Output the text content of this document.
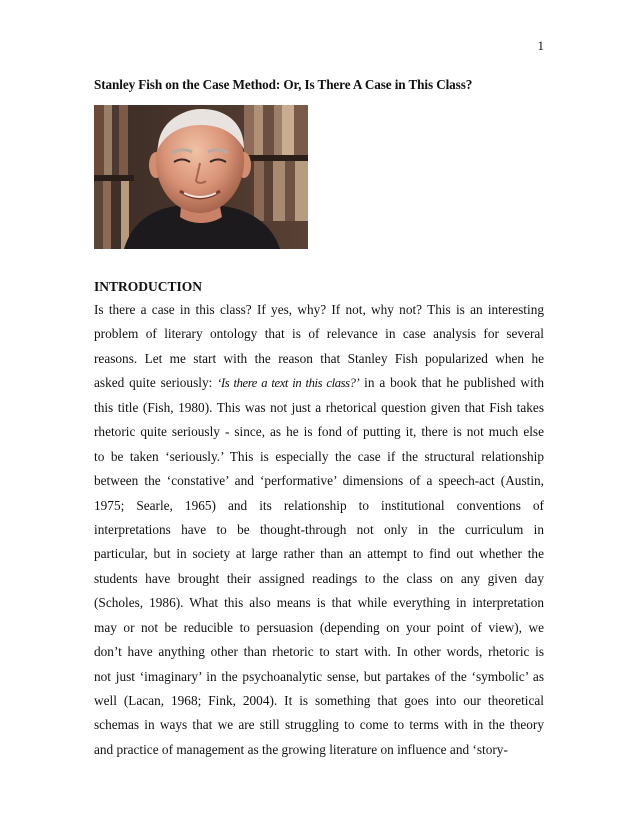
1
Stanley Fish on the Case Method: Or, Is There A Case in This Class?
INTRODUCTION
Is there a case in this class? If yes, why? If not, why not? This is an interesting
problem of literary ontology that is of relevance in case analysis for several
reasons. Let me start with the reason that Stanley Fish popularized when he
asked quite seriously: ‘Is there a text in this class?’ in a book that he published with
this title (Fish, 1980). This was not just a rhetorical question given that Fish takes
rhetoric quite seriously - since, as he is fond of putting it, there is not much else
to be taken ‘seriously.’ This is especially the case if the structural relationship
between the ‘constative’ and ‘performative’ dimensions of a speech-act (Austin,
1975; Searle, 1965) and its relationship to institutional conventions of
interpretations have to be thought-through not only in the curriculum in
particular, but in society at large rather than an attempt to find out whether the
students have brought their assigned readings to the class on any given day
(Scholes, 1986). What this also means is that while everything in interpretation
may or not be reducible to persuasion (depending on your point of view), we
don’t have anything other than rhetoric to start with. In other words, rhetoric is
not just ‘imaginary’ in the psychoanalytic sense, but partakes of the ‘symbolic’ as
well (Lacan, 1968; Fink, 2004). It is something that goes into our theoretical
schemas in ways that we are still struggling to come to terms with in the theory
and practice of management as the growing literature on influence and ‘story-
